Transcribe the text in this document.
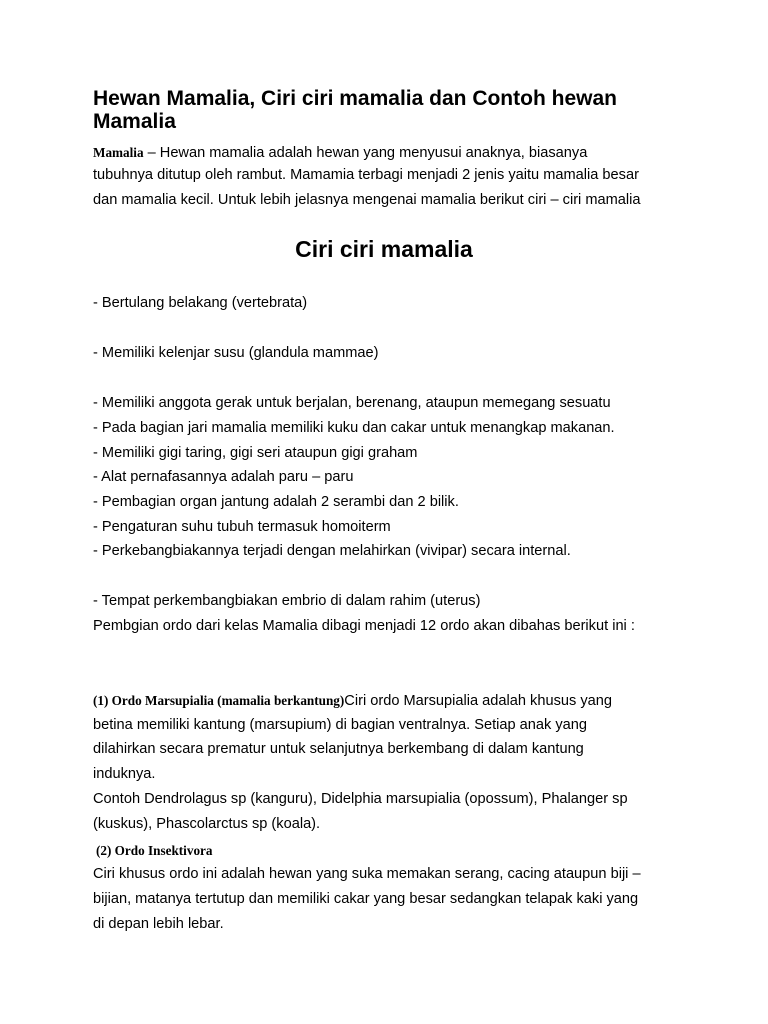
Hewan Mamalia, Ciri ciri mamalia dan Contoh hewan Mamalia
Mamalia – Hewan mamalia adalah hewan yang menyusui anaknya, biasanya
tubuhnya ditutup oleh rambut. Mamamia terbagi menjadi 2 jenis yaitu mamalia besar
dan mamalia kecil. Untuk lebih jelasnya mengenai mamalia berikut ciri – ciri mamalia
Ciri ciri mamalia
- Bertulang belakang (vertebrata)
- Memiliki kelenjar susu (glandula mammae)
- Memiliki anggota gerak untuk berjalan, berenang, ataupun memegang sesuatu
- Pada bagian jari mamalia memiliki kuku dan cakar untuk menangkap makanan.
- Memiliki gigi taring, gigi seri ataupun gigi graham
- Alat pernafasannya adalah paru – paru
- Pembagian organ jantung adalah 2 serambi dan 2 bilik.
- Pengaturan suhu tubuh termasuk homoiterm
- Perkebangbiakannya terjadi dengan melahirkan (vivipar) secara internal.
- Tempat perkembangbiakan embrio di dalam rahim (uterus)
Pembgian ordo dari kelas Mamalia dibagi menjadi 12 ordo akan dibahas berikut ini :
(1) Ordo Marsupialia (mamalia berkantung)Ciri ordo Marsupialia adalah khusus yang
betina memiliki kantung (marsupium) di bagian ventralnya. Setiap anak yang
dilahirkan secara prematur untuk selanjutnya berkembang di dalam kantung
induknya.
Contoh Dendrolagus sp (kanguru), Didelphia marsupialia (opossum), Phalanger sp
(kuskus), Phascolarctus sp (koala).
(2) Ordo Insektivora
Ciri khusus ordo ini adalah hewan yang suka memakan serang, cacing ataupun biji –
bijian, matanya tertutup dan memiliki cakar yang besar sedangkan telapak kaki yang
di depan lebih lebar.
